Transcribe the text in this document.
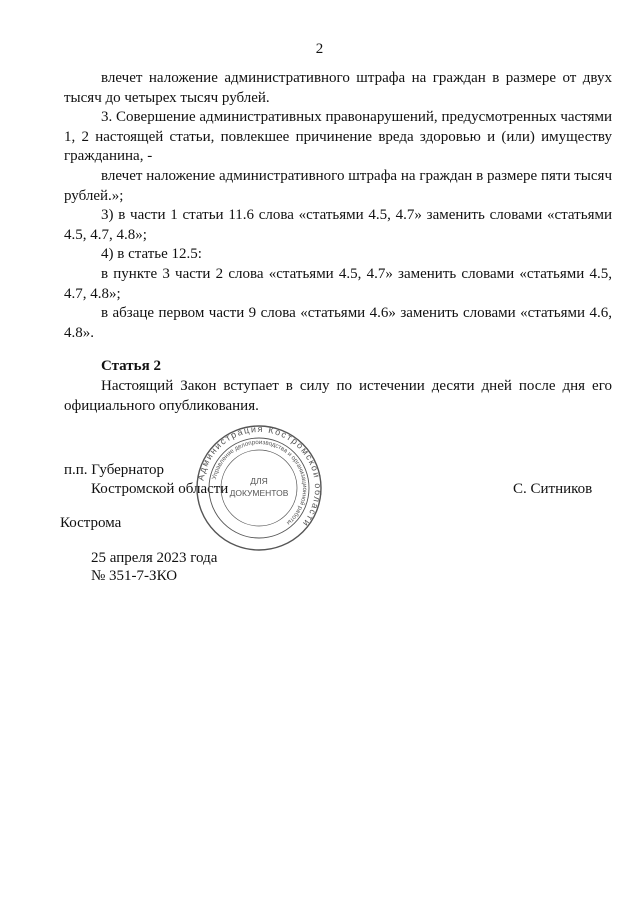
2

влечет наложение административного штрафа на граждан в размере от двух тысяч до четырех тысяч рублей.

3. Совершение административных правонарушений, предусмотренных частями 1, 2 настоящей статьи, повлекшее причинение вреда здоровью и (или) имуществу гражданина, -

влечет наложение административного штрафа на граждан в размере пяти тысяч рублей.»;

3) в части 1 статьи 11.6 слова «статьями 4.5, 4.7» заменить словами «статьями 4.5, 4.7, 4.8»;

4) в статье 12.5:

в пункте 3 части 2 слова «статьями 4.5, 4.7» заменить словами «статьями 4.5, 4.7, 4.8»;

в абзаце первом части 9 слова «статьями 4.6» заменить словами «статьями 4.6, 4.8».

Статья 2

Настоящий Закон вступает в силу по истечении десяти дней после дня его официального опубликования.

п.п. Губернатор
Костромской области	С. Ситников
Кострома
25 апреля 2023 года
№ 351-7-ЗКО
Администрация Костромской области
Управление делопроизводства и организационной работы
ДЛЯ
ДОКУМЕНТОВ
